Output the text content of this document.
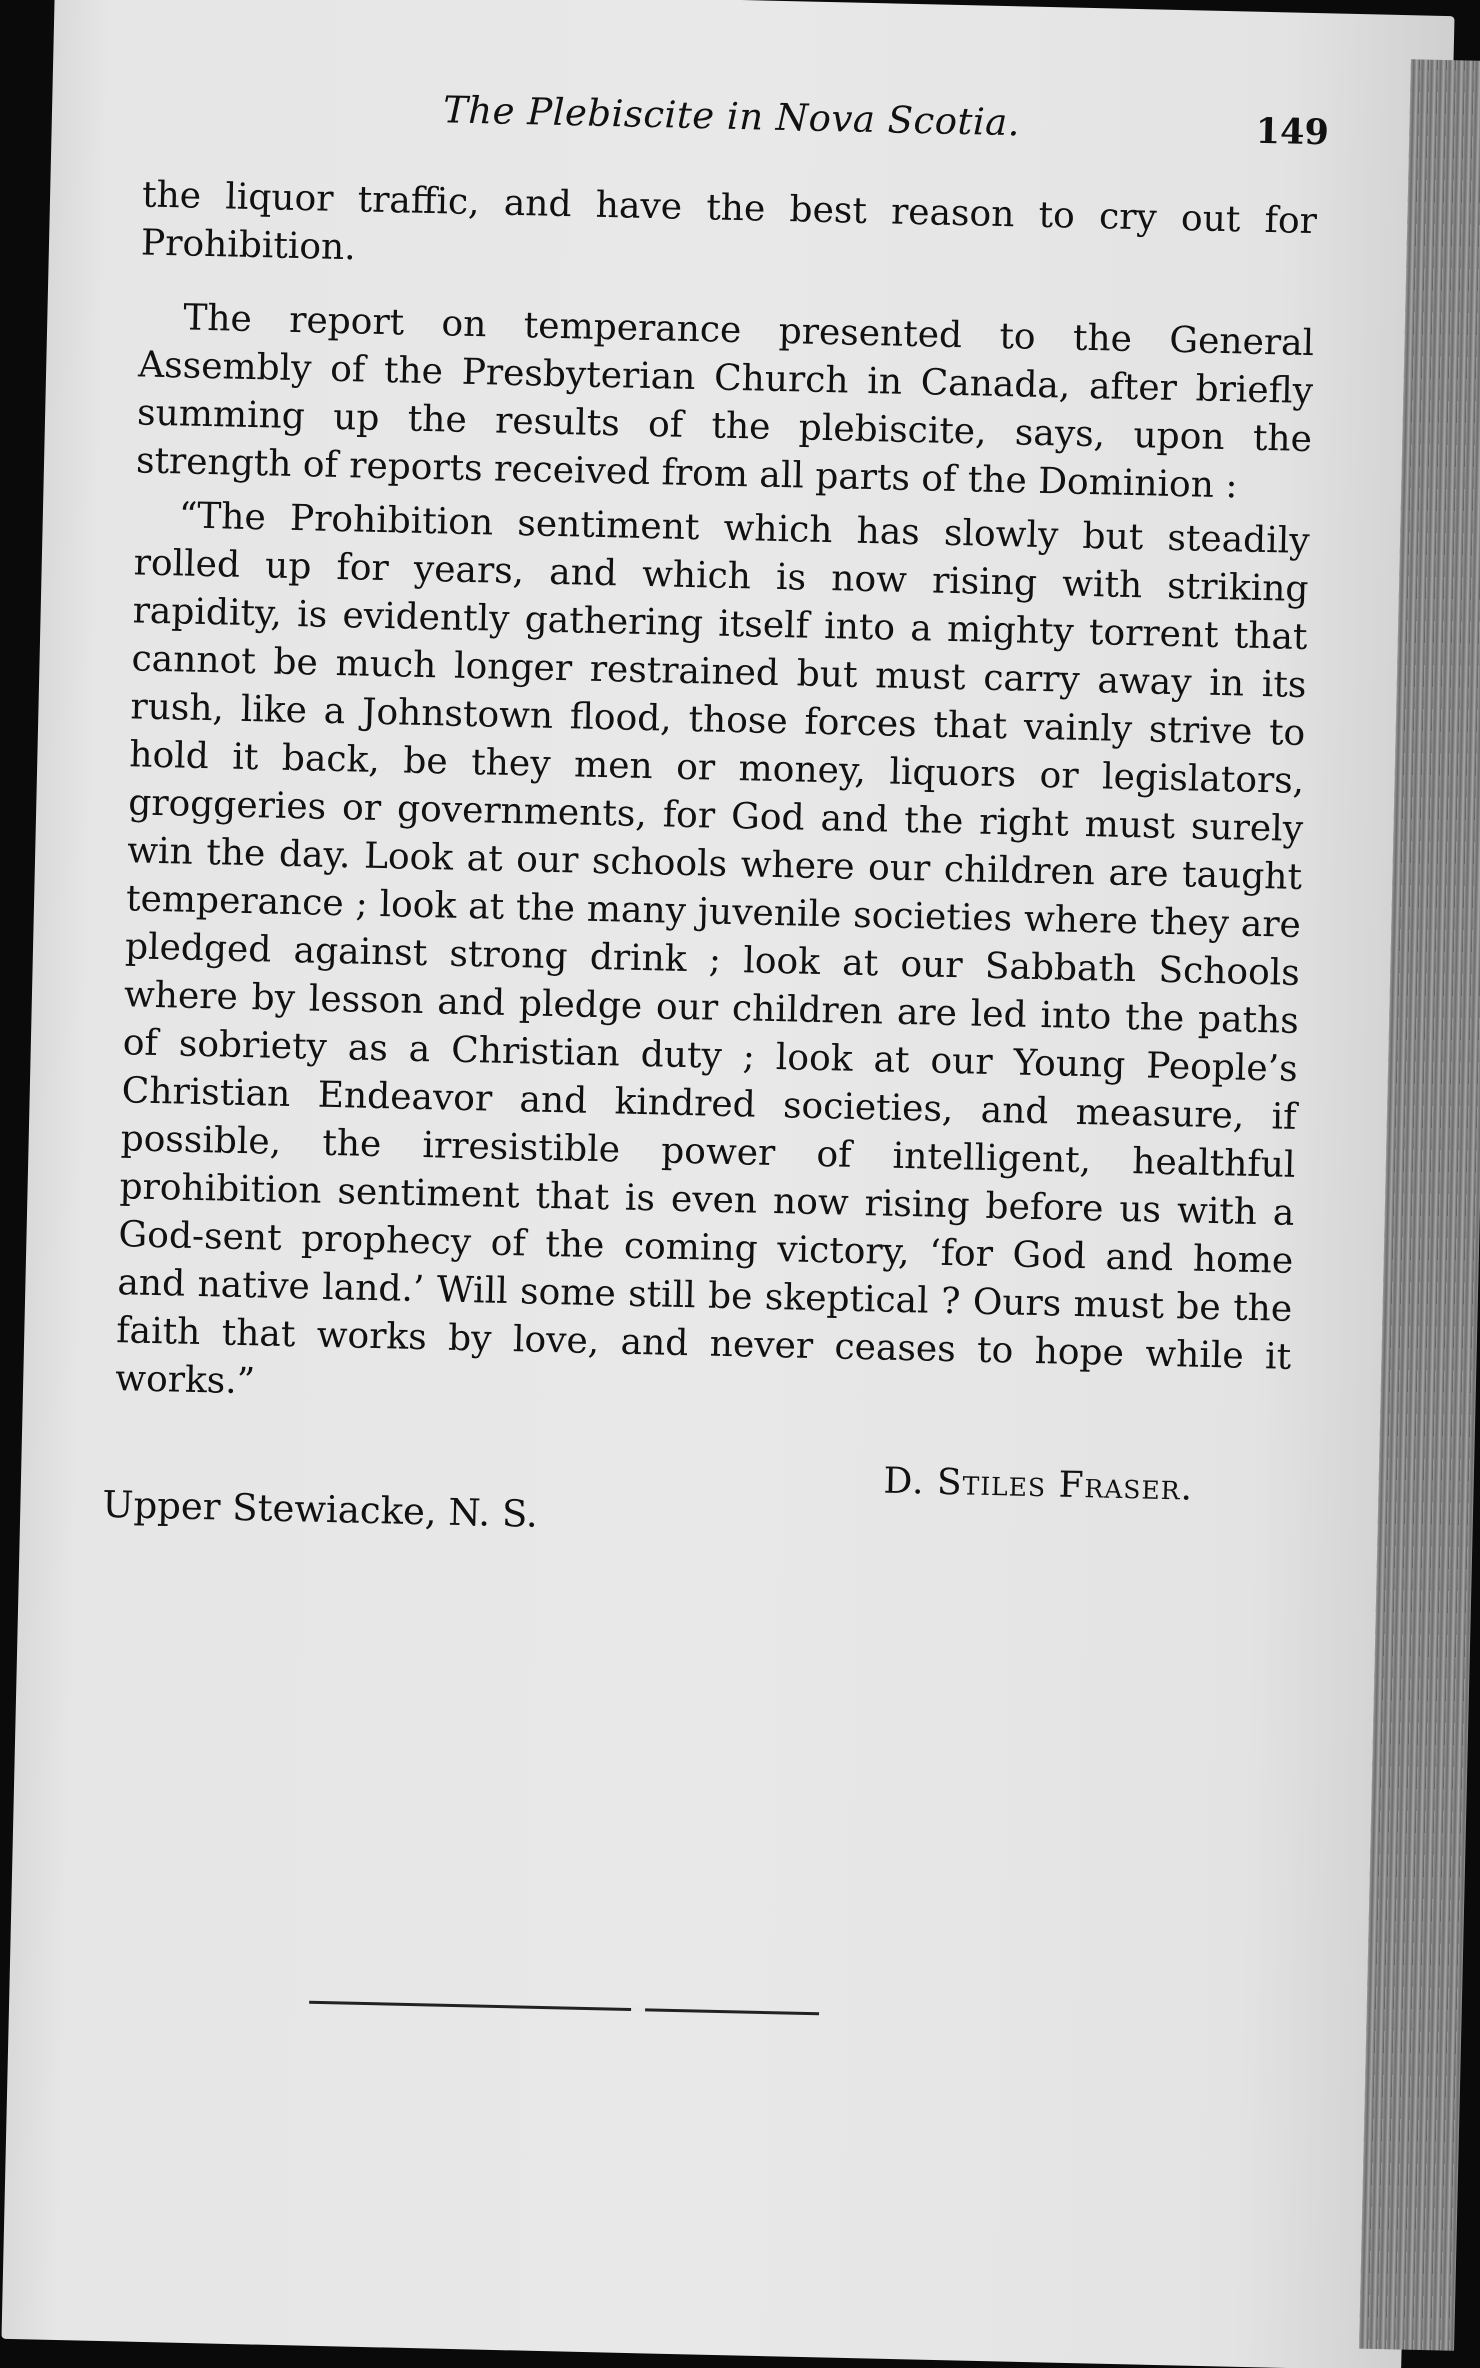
The Plebiscite in Nova Scotia.	149

the liquor traffic, and have the best reason to cry out for Prohibition.

The report on temperance presented to the General Assembly of the Presbyterian Church in Canada, after briefly summing up the results of the plebiscite, says, upon the strength of reports received from all parts of the Dominion :

“The Prohibition sentiment which has slowly but steadily rolled up for years, and which is now rising with striking rapidity, is evidently gathering itself into a mighty torrent that cannot be much longer restrained but must carry away in its rush, like a Johnstown flood, those forces that vainly strive to hold it back, be they men or money, liquors or legislators, groggeries or governments, for God and the right must surely win the day. Look at our schools where our children are taught temperance ; look at the many juvenile societies where they are pledged against strong drink ; look at our Sabbath Schools where by lesson and pledge our children are led into the paths of sobriety as a Christian duty ; look at our Young People’s Christian Endeavor and kindred societies, and measure, if possible, the irresistible power of intelligent, healthful prohibition sentiment that is even now rising before us with a God-sent prophecy of the coming victory, ‘for God and home and native land.’ Will some still be skeptical ? Ours must be the faith that works by love, and never ceases to hope while it works.”

Upper Stewiacke, N. S.
D. Stiles Fraser.
